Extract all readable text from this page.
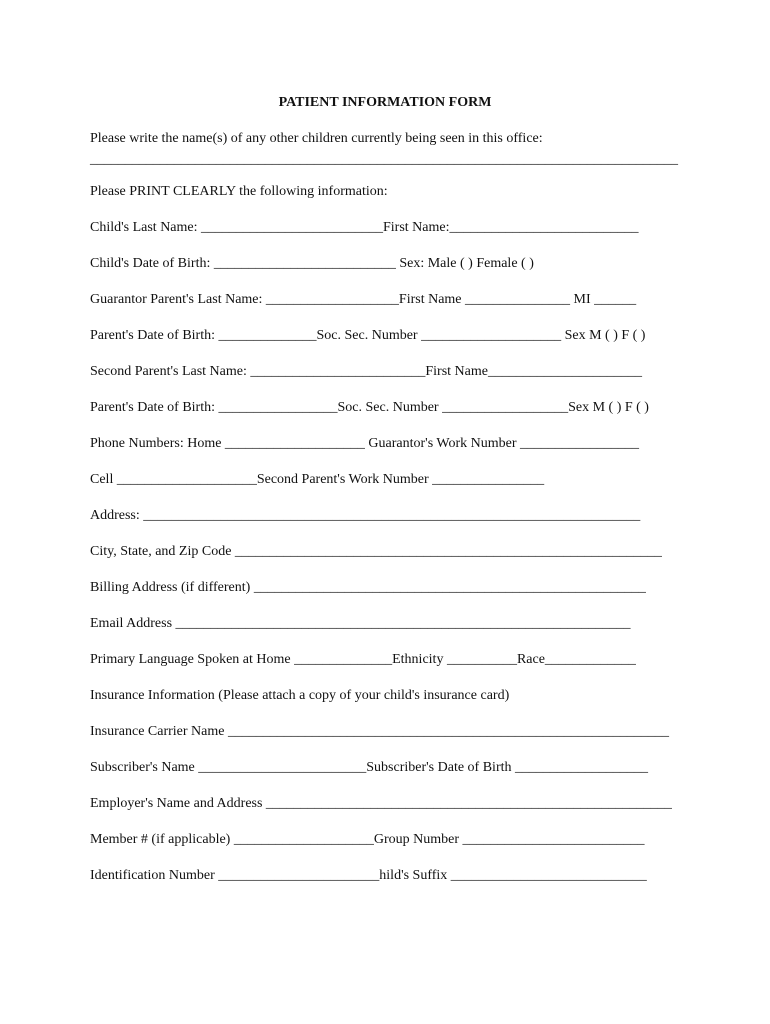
PATIENT INFORMATION FORM
Please write the name(s) of any other children currently being seen in this office:
____________________________________________________________________________________
Please PRINT CLEARLY the following information:
Child's Last Name: __________________________First Name:___________________________
Child's Date of Birth: __________________________ Sex: Male ( ) Female ( )
Guarantor Parent's Last Name: ___________________First Name _______________ MI ______
Parent's Date of Birth: ______________Soc. Sec. Number ____________________ Sex M ( ) F ( )
Second Parent's Last Name: _________________________First Name______________________
Parent's Date of Birth: _________________Soc. Sec. Number __________________Sex M ( ) F ( )
Phone Numbers: Home ____________________ Guarantor's Work Number _________________
Cell ____________________Second Parent's Work Number ________________
Address: _______________________________________________________________________
City, State, and Zip Code _____________________________________________________________
Billing Address (if different) ________________________________________________________
Email Address _________________________________________________________________
Primary Language Spoken at Home ______________Ethnicity __________Race_____________
Insurance Information (Please attach a copy of your child's insurance card)
Insurance Carrier Name _______________________________________________________________
Subscriber's Name ________________________Subscriber's Date of Birth ___________________
Employer's Name and Address __________________________________________________________
Member # (if applicable) ____________________Group Number __________________________
Identification Number _______________________hild's Suffix ____________________________
